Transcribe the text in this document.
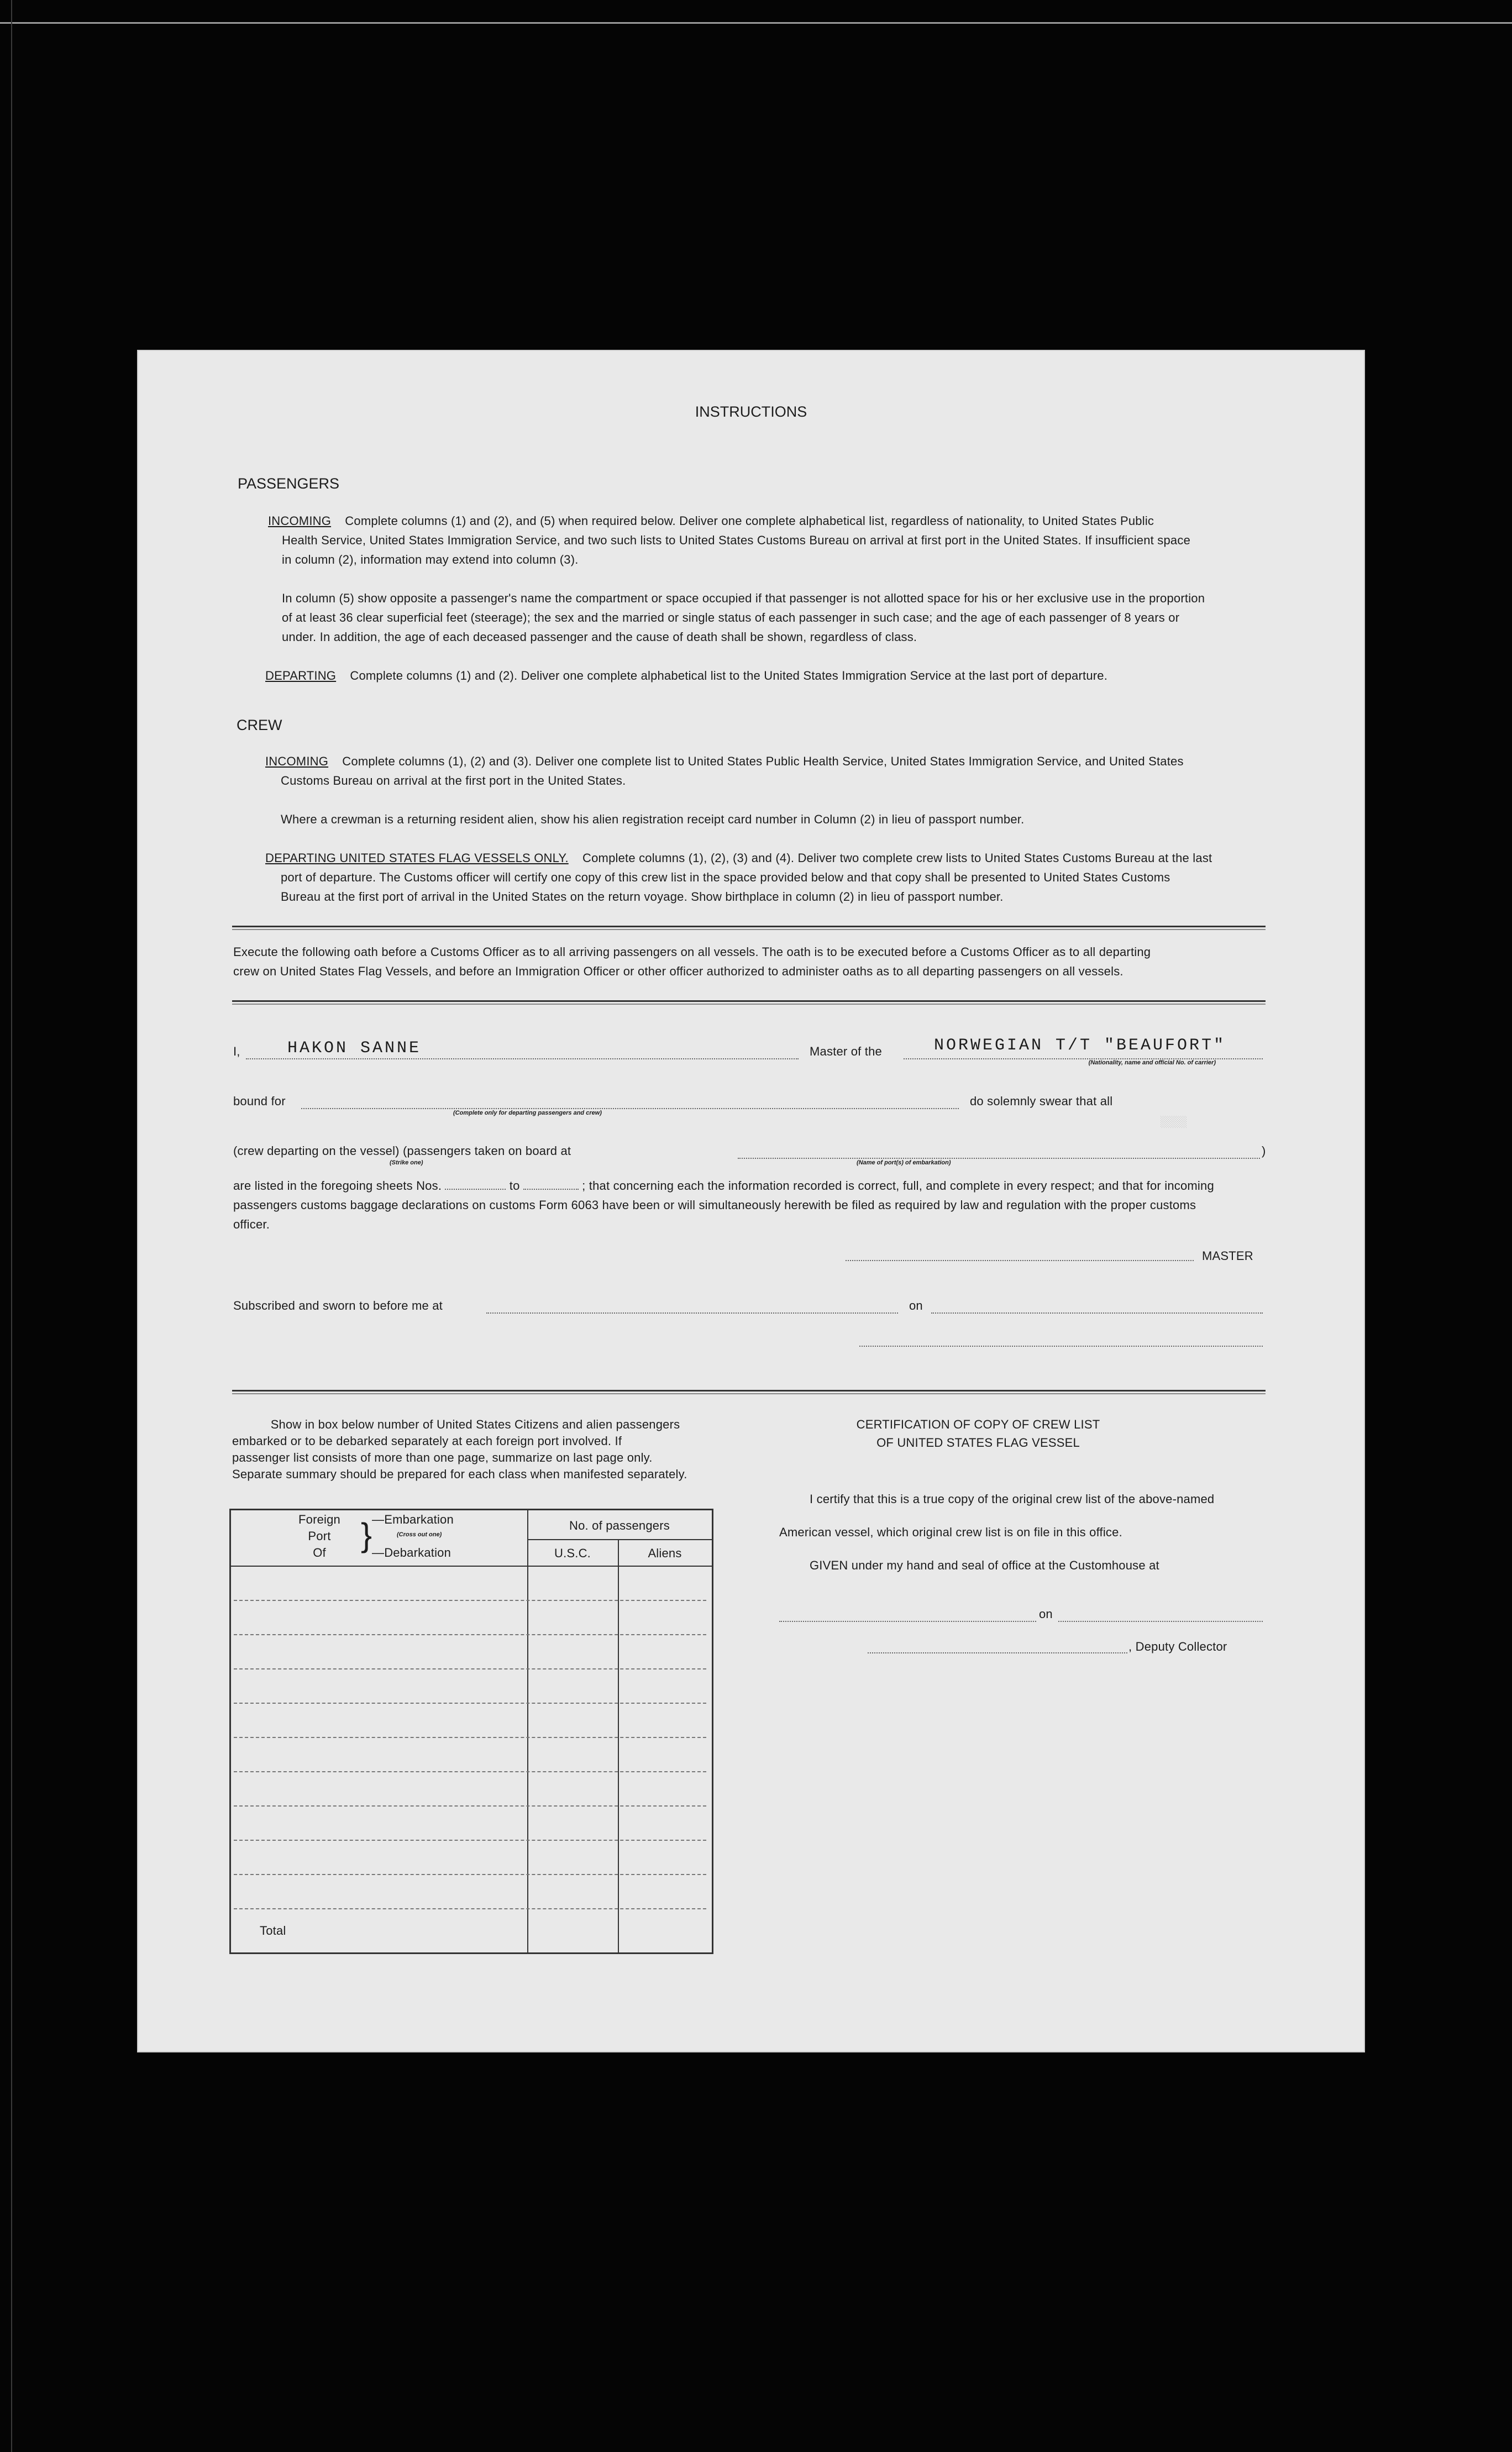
INSTRUCTIONS
PASSENGERS
INCOMING Complete columns (1) and (2), and (5) when required below. Deliver one complete alphabetical list, regardless of nationality, to United States Public
Health Service, United States Immigration Service, and two such lists to United States Customs Bureau on arrival at first port in the United States. If insufficient space
in column (2), information may extend into column (3).
In column (5) show opposite a passenger's name the compartment or space occupied if that passenger is not allotted space for his or her exclusive use in the proportion
of at least 36 clear superficial feet (steerage); the sex and the married or single status of each passenger in such case; and the age of each passenger of 8 years or
under. In addition, the age of each deceased passenger and the cause of death shall be shown, regardless of class.
DEPARTING Complete columns (1) and (2). Deliver one complete alphabetical list to the United States Immigration Service at the last port of departure.
CREW
INCOMING Complete columns (1), (2) and (3). Deliver one complete list to United States Public Health Service, United States Immigration Service, and United States
Customs Bureau on arrival at the first port in the United States.
Where a crewman is a returning resident alien, show his alien registration receipt card number in Column (2) in lieu of passport number.
DEPARTING UNITED STATES FLAG VESSELS ONLY. Complete columns (1), (2), (3) and (4). Deliver two complete crew lists to United States Customs Bureau at the last
port of departure. The Customs officer will certify one copy of this crew list in the space provided below and that copy shall be presented to United States Customs
Bureau at the first port of arrival in the United States on the return voyage. Show birthplace in column (2) in lieu of passport number.
Execute the following oath before a Customs Officer as to all arriving passengers on all vessels. The oath is to be executed before a Customs Officer as to all departing
crew on United States Flag Vessels, and before an Immigration Officer or other officer authorized to administer oaths as to all departing passengers on all vessels.
I,	HAKON SANNE	Master of the	NORWEGIAN T/T "BEAUFORT"
(Nationality, name and official No. of carrier)
bound for
(Complete only for departing passengers and crew)
do solemnly swear that all
░░░░
(crew departing on the vessel) (passengers taken on board at	)
(Strike one)	(Name of port(s) of embarkation)
are listed in the foregoing sheets Nos.	to	; that concerning each the information recorded is correct, full, and complete in every respect; and that for incoming
passengers customs baggage declarations on customs Form 6063 have been or will simultaneously herewith be filed as required by law and regulation with the proper customs
officer.
MASTER
Subscribed and sworn to before me at	on
Show in box below number of United States Citizens and alien passengers
embarked or to be debarked separately at each foreign port involved. If
passenger list consists of more than one page, summarize on last page only.
Separate summary should be prepared for each class when manifested separately.
Foreign
Port
Of	} —Embarkation
(Cross out one)
—Debarkation
No. of passengers
U.S.C.	Aliens
Total
CERTIFICATION OF COPY OF CREW LIST
OF UNITED STATES FLAG VESSEL
I certify that this is a true copy of the original crew list of the above-named
American vessel, which original crew list is on file in this office.
GIVEN under my hand and seal of office at the Customhouse at
on
, Deputy Collector
